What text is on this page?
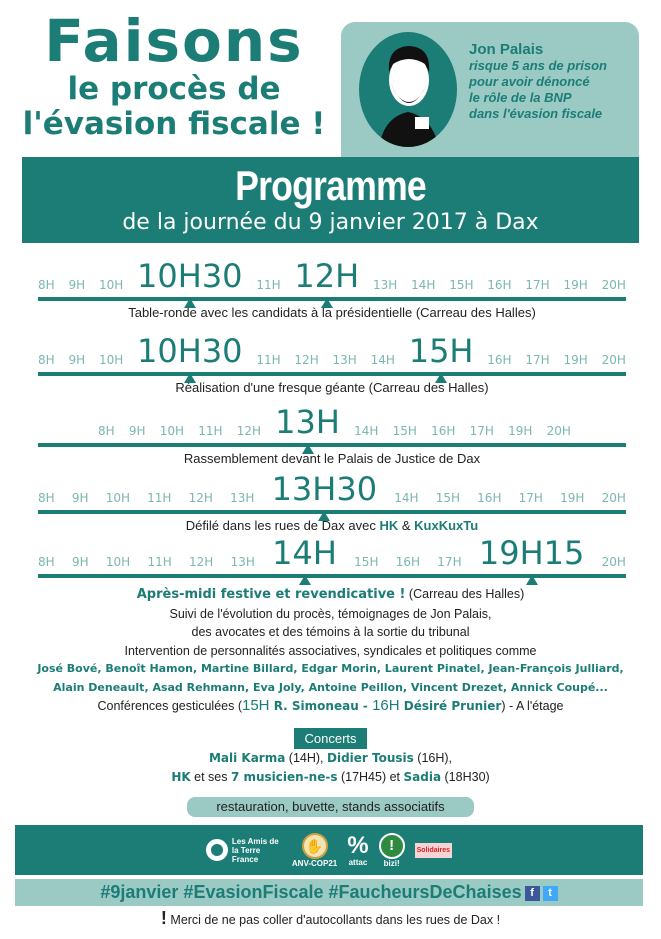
Faisons
le procès de
l'évasion fiscale !
Jon Palais
risque 5 ans de prison
pour avoir dénoncé
le rôle de la BNP
dans l'évasion fiscale
Programme
de la journée du 9 janvier 2017 à Dax
8H 9H 10H 10H30 11H 12H 13H 14H 15H 16H 17H 19H 20H
Table-ronde avec les candidats à la présidentielle (Carreau des Halles)
8H 9H 10H 10H30 11H 12H 13H 14H 15H 16H 17H 19H 20H
Réalisation d'une fresque géante (Carreau des Halles)
8H 9H 10H 11H 12H 13H 14H 15H 16H 17H 19H 20H
Rassemblement devant le Palais de Justice de Dax
8H 9H 10H 11H 12H 13H 13H30 14H 15H 16H 17H 19H 20H
Défilé dans les rues de Dax avec HK & KuxKuxTu
8H 9H 10H 11H 12H 13H 14H 15H 16H 17H 19H15 20H
Après-midi festive et revendicative ! (Carreau des Halles)
Suivi de l'évolution du procès, témoignages de Jon Palais,
des avocates et des témoins à la sortie du tribunal
Intervention de personnalités associatives, syndicales et politiques comme
José Bové, Benoît Hamon, Martine Billard, Edgar Morin, Laurent Pinatel, Jean-François Julliard,
Alain Deneault, Asad Rehmann, Eva Joly, Antoine Peillon, Vincent Drezet, Annick Coupé...
Conférences gesticulées (15H R. Simoneau - 16H Désiré Prunier) - A l'étage
Concerts
Mali Karma (14H), Didier Tousis (16H),
HK et ses 7 musicien-ne-s (17H45) et Sadia (18H30)
restauration, buvette, stands associatifs
Les Amis de la Terre France
✋
ANV-COP21
%
attac
!
bizi!
Solidaires
#9janvier #EvasionFiscale #FaucheursDeChaises f t
! Merci de ne pas coller d'autocollants dans les rues de Dax !
